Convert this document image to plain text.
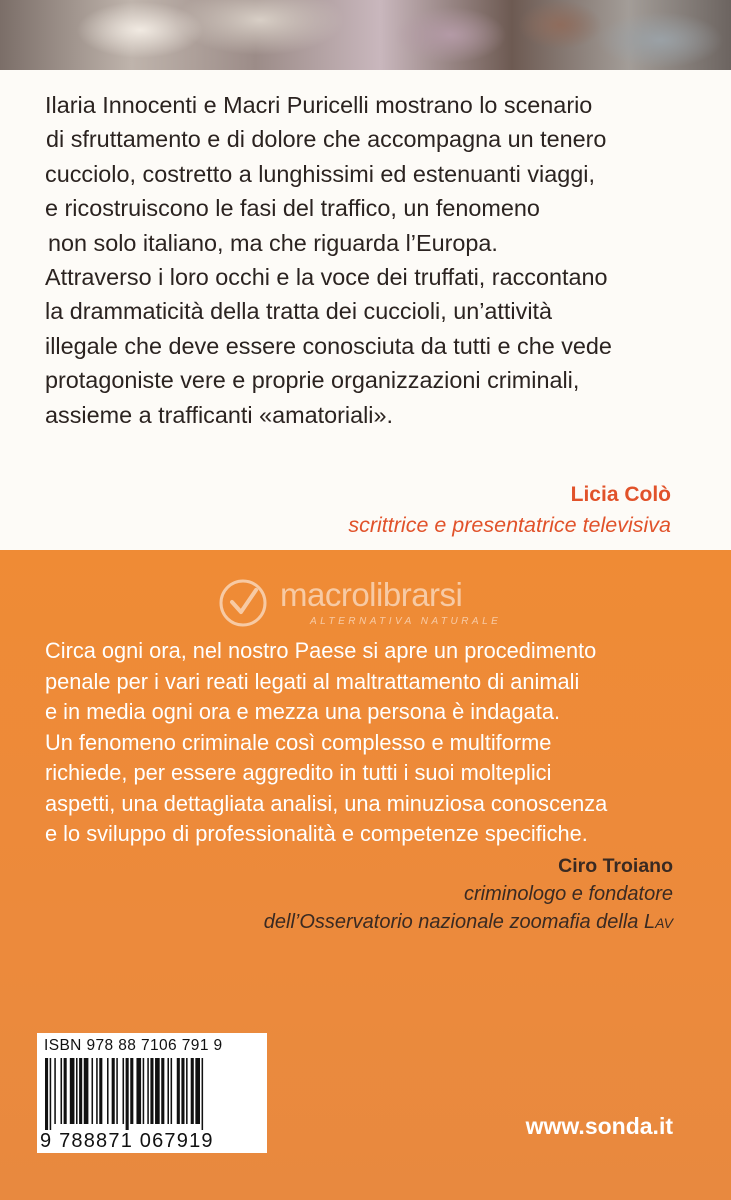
Ilaria Innocenti e Macri Puricelli mostrano lo scenario
di sfruttamento e di dolore che accompagna un tenero
cucciolo, costretto a lunghissimi ed estenuanti viaggi,
e ricostruiscono le fasi del traffico, un fenomeno
non solo italiano, ma che riguarda l’Europa.
Attraverso i loro occhi e la voce dei truffati, raccontano
la drammaticità della tratta dei cuccioli, un’attività
illegale che deve essere conosciuta da tutti e che vede
protagoniste vere e proprie organizzazioni criminali,
assieme a trafficanti «amatoriali».
Licia Colò
scrittrice e presentatrice televisiva
macrolibrarsi
ALTERNATIVA NATURALE
Circa ogni ora, nel nostro Paese si apre un procedimento
penale per i vari reati legati al maltrattamento di animali
e in media ogni ora e mezza una persona è indagata.
Un fenomeno criminale così complesso e multiforme
richiede, per essere aggredito in tutti i suoi molteplici
aspetti, una dettagliata analisi, una minuziosa conoscenza
e lo sviluppo di professionalità e competenze specifiche.
Ciro Troiano
criminologo e fondatore
dell’Osservatorio nazionale zoomafia della LAV
ISBN 978 88 7106 791 9
9 788871 067919
www.sonda.it
